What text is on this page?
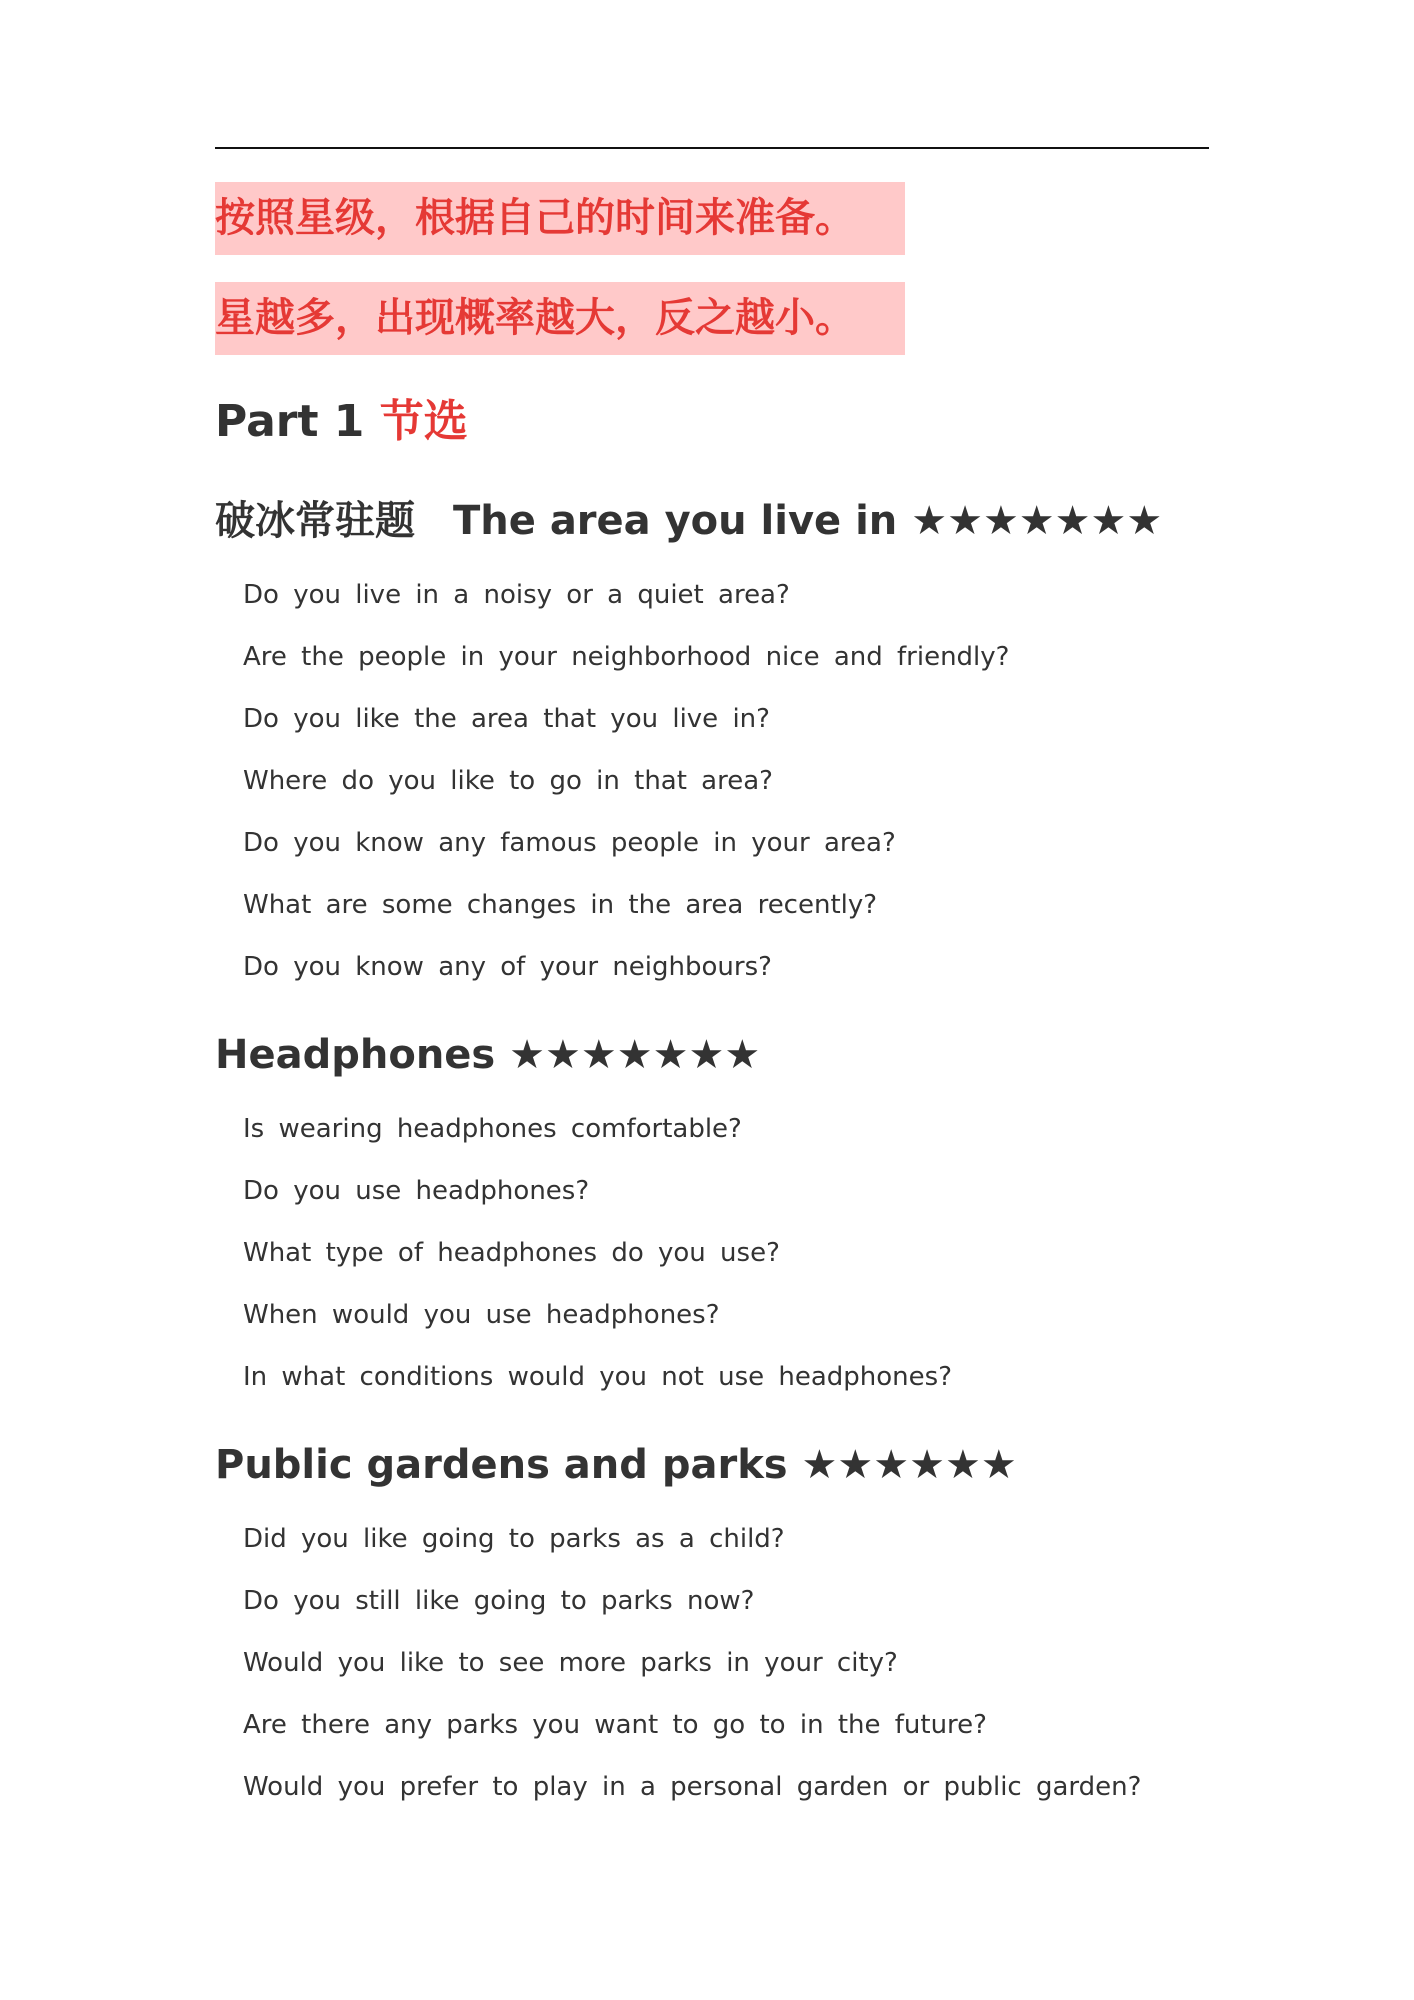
按照星级，根据自己的时间来准备。
星越多，出现概率越大，反之越小。
Part 1 节选
破冰常驻题 The area you live in ★★★★★★★
Do you live in a noisy or a quiet area?
Are the people in your neighborhood nice and friendly?
Do you like the area that you live in?
Where do you like to go in that area?
Do you know any famous people in your area?
What are some changes in the area recently?
Do you know any of your neighbours?
Headphones ★★★★★★★
Is wearing headphones comfortable?
Do you use headphones?
What type of headphones do you use?
When would you use headphones?
In what conditions would you not use headphones?
Public gardens and parks ★★★★★★
Did you like going to parks as a child?
Do you still like going to parks now?
Would you like to see more parks in your city?
Are there any parks you want to go to in the future?
Would you prefer to play in a personal garden or public garden?
